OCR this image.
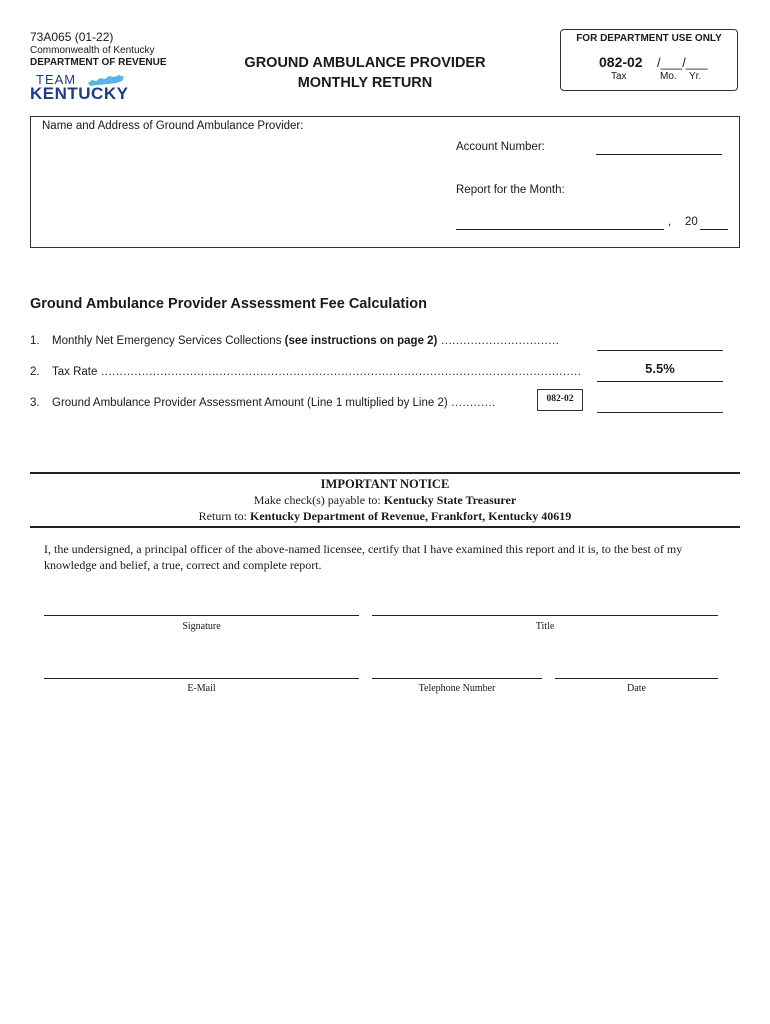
73A065 (01-22)
Commonwealth of Kentucky
DEPARTMENT OF REVENUE
TEAM
KENTUCKY
GROUND AMBULANCE PROVIDER
MONTHLY RETURN
FOR DEPARTMENT USE ONLY
082-02 /___/___
Tax	Mo. Yr.
Name and Address of Ground Ambulance Provider:
Account Number:
Report for the Month:
, 20
Ground Ambulance Provider Assessment Fee Calculation
1. Monthly Net Emergency Services Collections (see instructions on page 2) ................................
2. Tax Rate ..................................................................................................................................	5.5%
3. Ground Ambulance Provider Assessment Amount (Line 1 multiplied by Line 2) ............	082-02
IMPORTANT NOTICE
Make check(s) payable to: Kentucky State Treasurer
Return to: Kentucky Department of Revenue, Frankfort, Kentucky 40619
I, the undersigned, a principal officer of the above-named licensee, certify that I have examined this report and it is, to the best of my knowledge and belief, a true, correct and complete report.
Signature	Title
E-Mail	Telephone Number	Date
